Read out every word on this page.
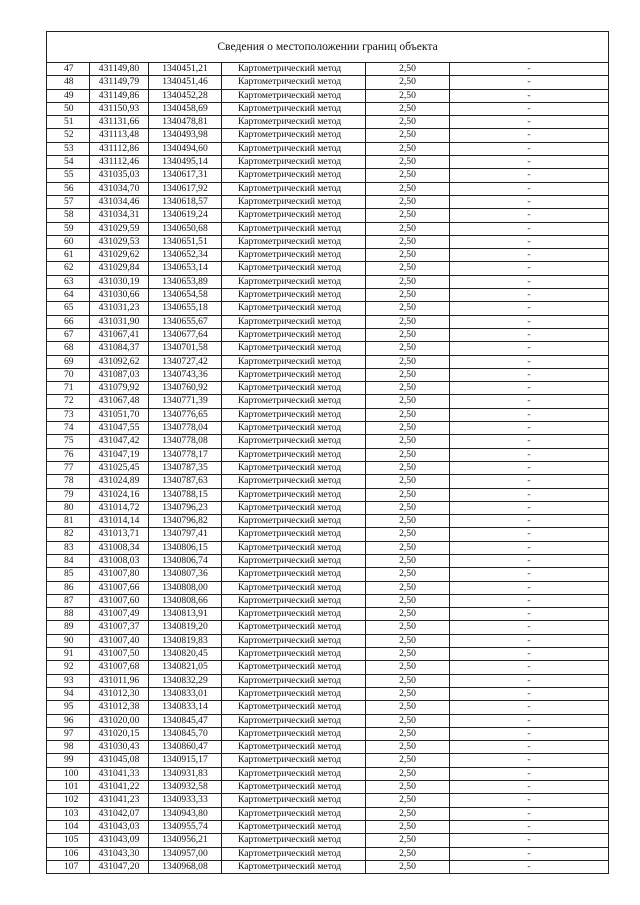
Сведения о местоположении границ объекта					
47	431149,80	1340451,21	Картометрический метод	2,50	-
48	431149,79	1340451,46	Картометрический метод	2,50	-
49	431149,86	1340452,28	Картометрический метод	2,50	-
50	431150,93	1340458,69	Картометрический метод	2,50	-
51	431131,66	1340478,81	Картометрический метод	2,50	-
52	431113,48	1340493,98	Картометрический метод	2,50	-
53	431112,86	1340494,60	Картометрический метод	2,50	-
54	431112,46	1340495,14	Картометрический метод	2,50	-
55	431035,03	1340617,31	Картометрический метод	2,50	-
56	431034,70	1340617,92	Картометрический метод	2,50	-
57	431034,46	1340618,57	Картометрический метод	2,50	-
58	431034,31	1340619,24	Картометрический метод	2,50	-
59	431029,59	1340650,68	Картометрический метод	2,50	-
60	431029,53	1340651,51	Картометрический метод	2,50	-
61	431029,62	1340652,34	Картометрический метод	2,50	-
62	431029,84	1340653,14	Картометрический метод	2,50	-
63	431030,19	1340653,89	Картометрический метод	2,50	-
64	431030,66	1340654,58	Картометрический метод	2,50	-
65	431031,23	1340655,18	Картометрический метод	2,50	-
66	431031,90	1340655,67	Картометрический метод	2,50	-
67	431067,41	1340677,64	Картометрический метод	2,50	-
68	431084,37	1340701,58	Картометрический метод	2,50	-
69	431092,62	1340727,42	Картометрический метод	2,50	-
70	431087,03	1340743,36	Картометрический метод	2,50	-
71	431079,92	1340760,92	Картометрический метод	2,50	-
72	431067,48	1340771,39	Картометрический метод	2,50	-
73	431051,70	1340776,65	Картометрический метод	2,50	-
74	431047,55	1340778,04	Картометрический метод	2,50	-
75	431047,42	1340778,08	Картометрический метод	2,50	-
76	431047,19	1340778,17	Картометрический метод	2,50	-
77	431025,45	1340787,35	Картометрический метод	2,50	-
78	431024,89	1340787,63	Картометрический метод	2,50	-
79	431024,16	1340788,15	Картометрический метод	2,50	-
80	431014,72	1340796,23	Картометрический метод	2,50	-
81	431014,14	1340796,82	Картометрический метод	2,50	-
82	431013,71	1340797,41	Картометрический метод	2,50	-
83	431008,34	1340806,15	Картометрический метод	2,50	-
84	431008,03	1340806,74	Картометрический метод	2,50	-
85	431007,80	1340807,36	Картометрический метод	2,50	-
86	431007,66	1340808,00	Картометрический метод	2,50	-
87	431007,60	1340808,66	Картометрический метод	2,50	-
88	431007,49	1340813,91	Картометрический метод	2,50	-
89	431007,37	1340819,20	Картометрический метод	2,50	-
90	431007,40	1340819,83	Картометрический метод	2,50	-
91	431007,50	1340820,45	Картометрический метод	2,50	-
92	431007,68	1340821,05	Картометрический метод	2,50	-
93	431011,96	1340832,29	Картометрический метод	2,50	-
94	431012,30	1340833,01	Картометрический метод	2,50	-
95	431012,38	1340833,14	Картометрический метод	2,50	-
96	431020,00	1340845,47	Картометрический метод	2,50	-
97	431020,15	1340845,70	Картометрический метод	2,50	-
98	431030,43	1340860,47	Картометрический метод	2,50	-
99	431045,08	1340915,17	Картометрический метод	2,50	-
100	431041,33	1340931,83	Картометрический метод	2,50	-
101	431041,22	1340932,58	Картометрический метод	2,50	-
102	431041,23	1340933,33	Картометрический метод	2,50	-
103	431042,07	1340943,80	Картометрический метод	2,50	-
104	431043,03	1340955,74	Картометрический метод	2,50	-
105	431043,09	1340956,21	Картометрический метод	2,50	-
106	431043,30	1340957,00	Картометрический метод	2,50	-
107	431047,20	1340968,08	Картометрический метод	2,50	-
